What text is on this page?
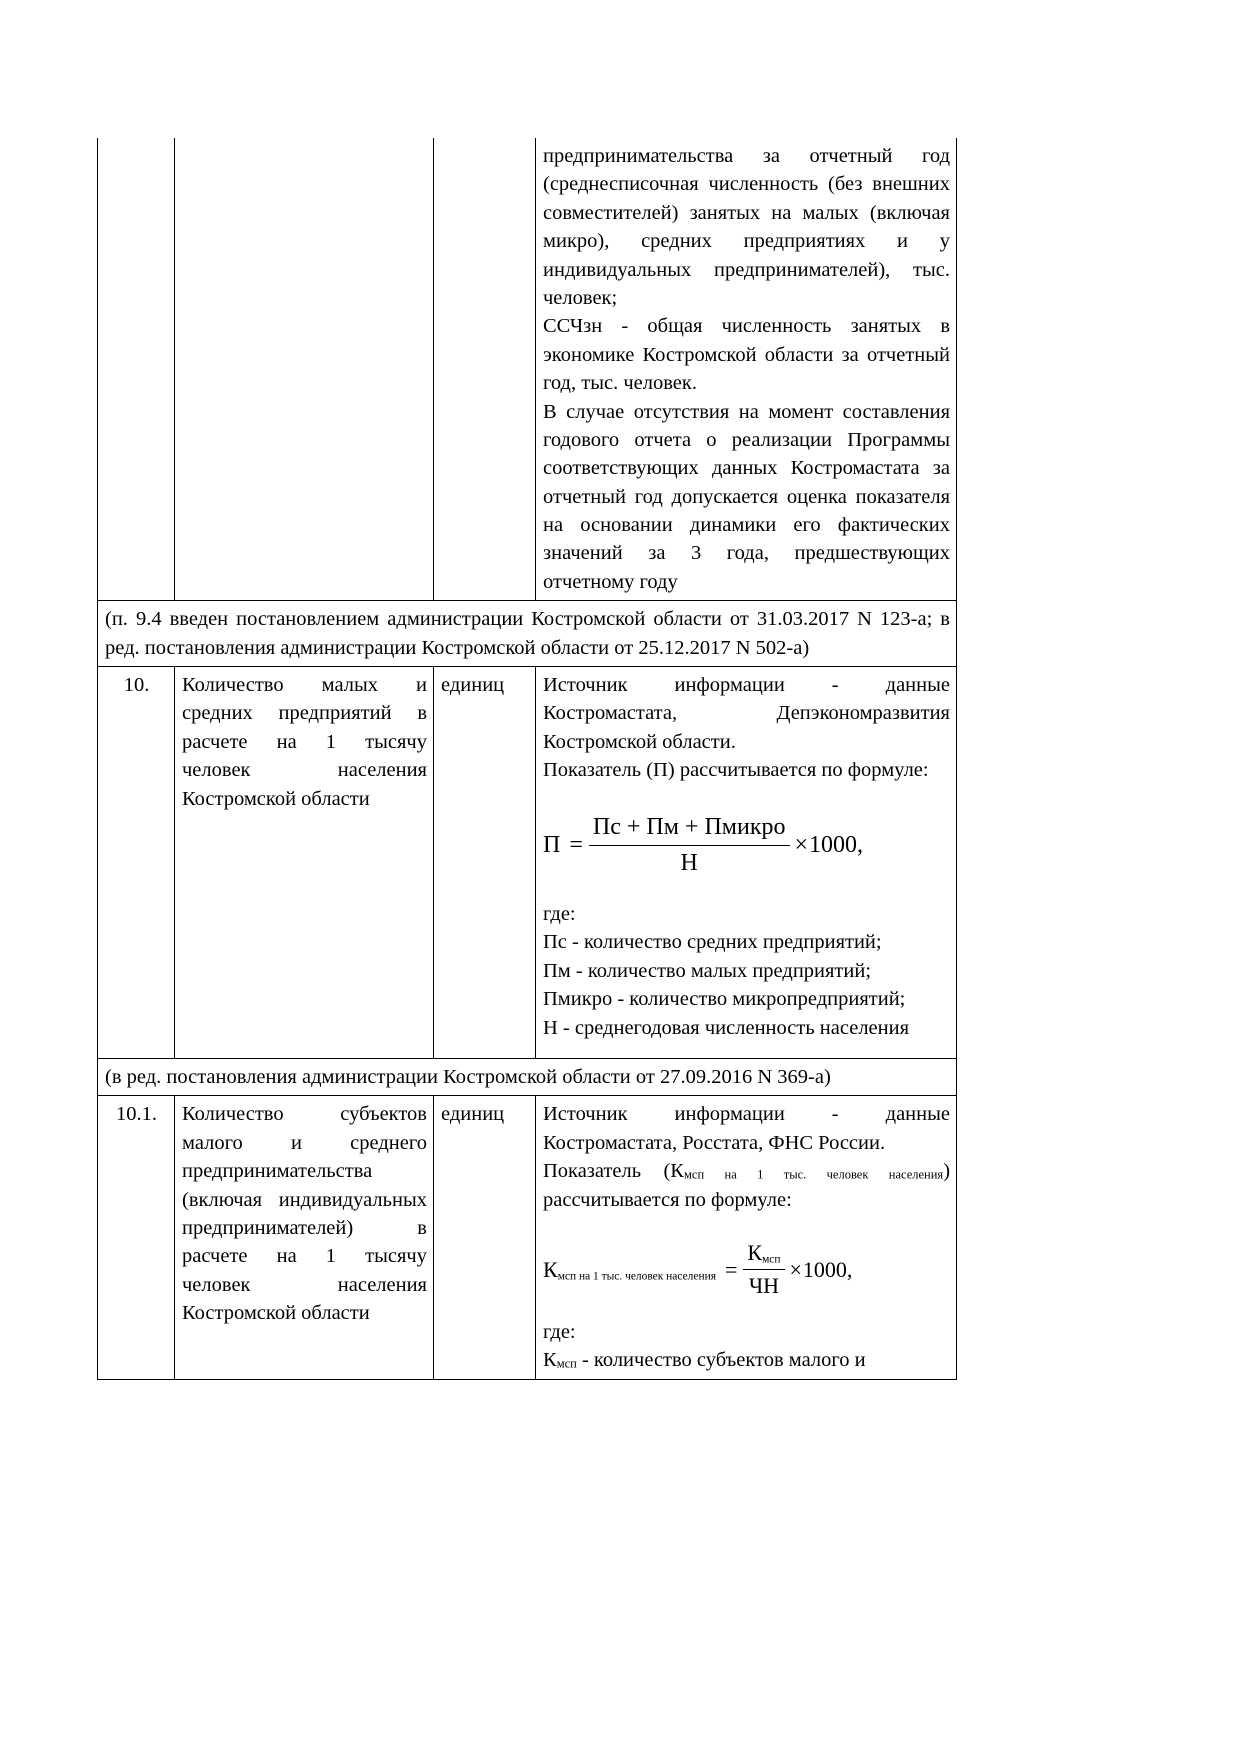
			предпринимательства за отчетный год (среднесписочная численность (без внешних совместителей) занятых на малых (включая микро), средних предприятиях и у индивидуальных предпринимателей), тыс. человек;

ССЧзн - общая численность занятых в экономике Костромской области за отчетный год, тыс. человек.

В случае отсутствия на момент составления годового отчета о реализации Программы соответствующих данных Костромастата за отчетный год допускается оценка показателя на основании динамики его фактических значений за 3 года, предшествующих отчетному году

(п. 9.4 введен постановлением администрации Костромской области от 31.03.2017 N 123-а; в ред. постановления администрации Костромской области от 25.12.2017 N 502-а)			
10.	Количество малых и средних предприятий в расчете на 1 тысячу человек населения Костромской области	единиц	Источник информации - данные Костромастата, Депэкономразвития Костромской области.

Показатель (П) рассчитывается по формуле:

$П = \frac{\text{Пс + Пм + Пмикро}}{Н} \times 1000$,

где:

Пс - количество средних предприятий;

Пм - количество малых предприятий;

Пмикро - количество микропредприятий;

Н - среднегодовая численность населения

(в ред. постановления администрации Костромской области от 27.09.2016 N 369-а)			
10.1.	Количество субъектов малого и среднего предпринимательства (включая индивидуальных предпринимателей) в расчете на 1 тысячу человек населения Костромской области	единиц	Источник информации - данные Костромастата, Росстата, ФНС России.

Показатель (Кмсп на 1 тыс. человек населения) рассчитывается по формуле:

$К_{мсп на 1 тыс. человек населения} = \frac{К_{мсп}}{ЧН} \times 1000$,

где:

Кмсп - количество субъектов малого и
